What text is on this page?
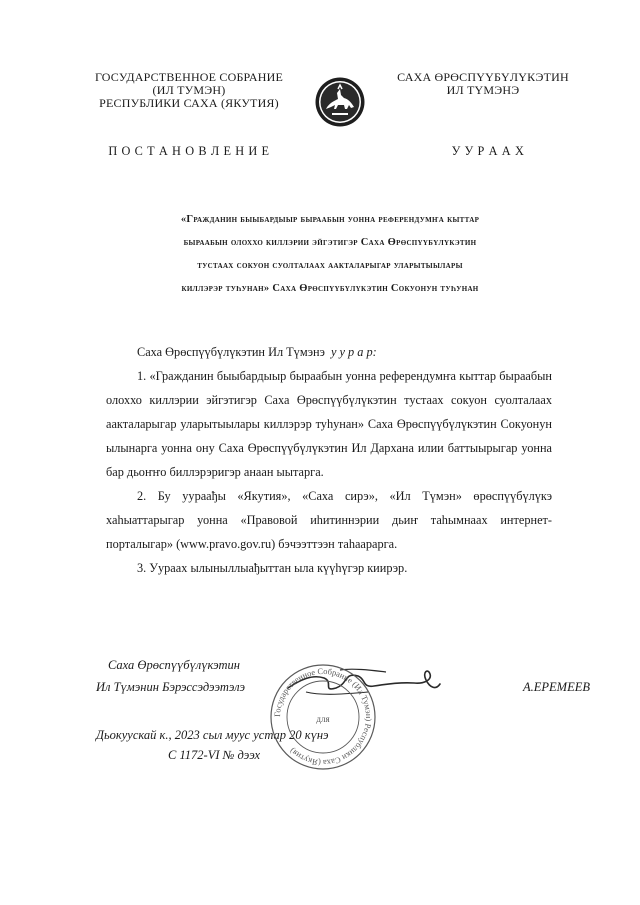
ГОСУДАРСТВЕННОЕ СОБРАНИЕ
(ИЛ ТУМЭН)
РЕСПУБЛИКИ САХА (ЯКУТИЯ)
САХА ӨРӨСПҮҮБҮЛҮКЭТИН
ИЛ ТҮМЭНЭ
П О С Т А Н О В Л Е Н И Е	У У Р А А Х
«Гражданин быыбардыыр быраабын уонна референдумҥа кыттар
быраабын олоххо киллэрии эйгэтигэр Саха Өрөспүүбүлүкэтин
тустаах сокуон суолталаах аакталарыгар уларытыылары
киллэрэр туһунан» Саха Өрөспүүбүлүкэтин Сокуонун туһунан

Саха Өрөспүүбүлүкэтин Ил Түмэнэ у у р а р:

1. «Гражданин быыбардыыр быраабын уонна референдумҥа кыттар быраабын олоххо киллэрии эйгэтигэр Саха Өрөспүүбүлүкэтин тустаах сокуон суолталаах аакталарыгар уларытыылары киллэрэр туһунан» Саха Өрөспүүбүлүкэтин Сокуонун ылынарга уонна ону Саха Өрөспүүбүлүкэтин Ил Дархана илии баттыырыгар уонна бар дьоҥҥо биллэрэригэр анаан ыытарга.

2. Бу уураађы «Якутия», «Саха сирэ», «Ил Түмэн» өрөспүүбүлүкэ хаһыаттарыгар уонна «Правовой иһитиннэрии дьиҥ таһымнаах интернет-порталыгар» (www.pravo.gov.ru) бэчээттээн таһаарарга.

3. Уураах ылыныллыађыттан ыла күүһүгэр киирэр.

Саха Өрөспүүбүлүкэтин
Ил Түмэнин Бэрэссэдээтэлэ	А.ЕРЕМЕЕВ
Дьокуускай к., 2023 сыл муус устар 20 күнэ
С 1172-VI № дээх
Государственное Собрание (Ил Тумэн) Республики Саха (Якутия)
для
